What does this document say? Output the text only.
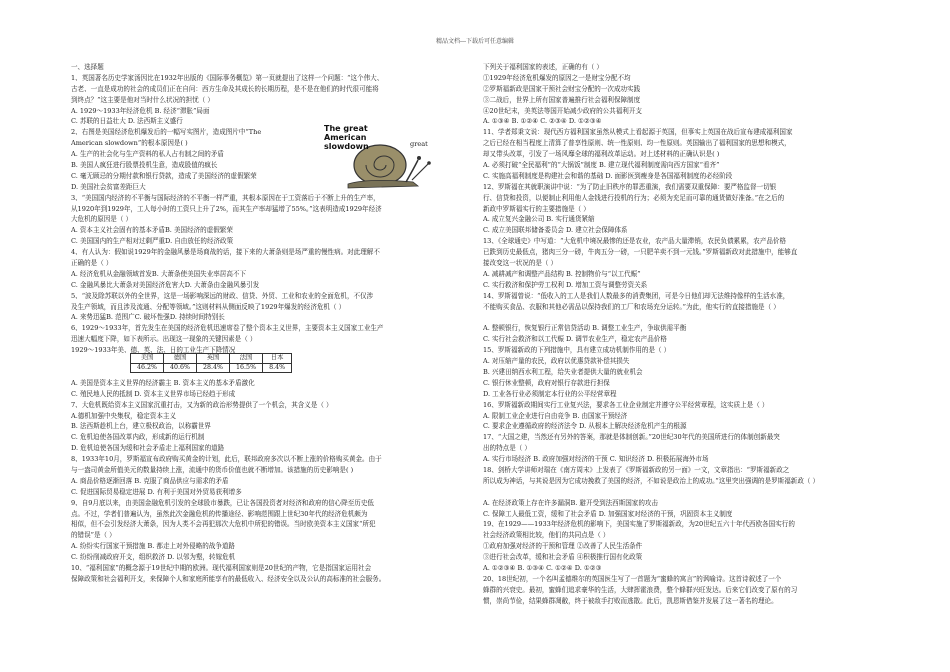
精品文档---下载后可任意编辑
一、选择题
1、英国著名历史学家汤因比在1932年出版的《国际事务概览》第一页就提出了这样一个问题：“这个伟大、
古老、一直是成功的社会的成员们正在自问：西方生命及其成长的长期历程，是不是在他们的时代很可能将
到终点？”这主要是他对当时什么状况的担忧（ ）
A. 1929～1933年经济危机 B. 经济“滞胀”局面
C. 苏联的日益壮大 D. 法西斯主义盛行
2、右图是美国经济危机爆发后的一幅写实图片，造成图片中“The
American slowdown”的根本原因是( )
A. 生产的社会化与生产资料的私人占有制之间的矛盾
B. 美国人疯狂进行股票投机生意，造成股值的疯长
C. 毫无顾忌的分期付款和银行贷款，造成了美国经济的虚假繁荣
D. 美国社会贫富差距巨大
3、“美国国内经济的不平衡与国际经济的不平衡一样严重，其根本原因在于工资落后于不断上升的生产率，
从1920年到1929年，工人每小时的工资只上升了2%，而其生产率却猛增了55%。”这表明造成1929年经济
大危机的原因是（ ）
A. 资本主义社会固有的基本矛盾B. 美国经济的虚假繁荣
C. 美国国内的生产相对过剩严重D. 自由放任的经济政策
4、有人认为：假如说1929年的金融风暴是场商战的话，接下来的大萧条则是场严重的慢性病。对此理解不
正确的是（ ）
A. 经济危机从金融领域首发B. 大萧条使美国失业率居高不下
C. 金融风暴比大萧条对美国经济危害大D. 大萧条由金融风暴引发
5、“波及除苏联以外的全世界，这是一场影响深远的财政、信贷、外贸、工业和农业的全面危机，不仅涉
及生产领域，而且涉及流通、分配等领域。”这则材料从侧面反映了1929年爆发的经济危机（ ）
A. 来势迅猛B. 范围广C. 破坏性强D. 持续时间特别长
6、1929～1933年，首先发生在美国的经济危机迅速席卷了整个资本主义世界，主要资本主义国家工业生产
迅速大幅度下降，如下表所示。出现这一现象的关键因素是（ ）
1929～1933年美、德、英、法、日的工业生产下降情况
A. 美国是资本主义世界的经济霸主 B. 资本主义的基本矛盾激化
C. 殖民地人民的抵制 D. 资本主义世界市场已经趋于形成
7、大危机既给资本主义国家沉重打击，又为新的政治形势提供了一个机会，其含义是（ ）
A.德机加强中央集权，稳定资本主义
B. 法西斯趁机上台，建立极权政治，以称霸世界
C. 危机迫使各国改革内政，形成新的运行机制
D. 危机迫使各国为缓和社会矛盾走上福利国家的道路
8、1933年10月，罗斯福宣布政府购买黄金的计划，此后，联邦政府多次以不断上涨的价格购买黄金。由于
与一盎司黄金所值美元的数量持续上涨，流通中的货币价值也就不断增加。该措施的历史影响是( )
A. 商品价格逐渐回落 B. 克服了商品供应与需求的矛盾
C. 促进国际贸易稳定进展 D. 有利于美国对外贸易获利增多
9、自9月底以来，由美国金融危机引发的全球股市暴跌，已让各国投资者对经济和政府的信心降至历史低
点。不过，学者们普遍认为，虽然此次金融危机的传播途径、影响范围跟上世纪30年代的经济危机颇为
相似，但不会引发经济大萧条，因为人类不会再犯那次大危机中所犯的错误。当时欧美资本主义国家“所犯
的错误”是（ ）
A. 纷纷实行国家干预措施 B. 都走上对外侵略的战争道路
C. 纷纷削减政府开支，组织救济 D. 以邻为壑，转嫁危机
10、“福利国家”的概念源于19世纪中期的欧洲。现代福利国家则是20世纪的产物，它是指国家运用社会
保障政策和社会福利开支，来保障个人和家庭所能享有的最低收入、经济安全以及公认的高标准的社会服务。
下列关于福利国家的表述，正确的有（ ）
①1929年经济危机爆发的原因之一是财宝分配不均
②罗斯福新政是国家干预社会财宝分配的一次成功实践
③二战后，世界上所有国家普遍推行社会福利保障制度
④20世纪末，美英法等国开始减少政府的公共福利开支
A. ①③④ B. ①②④ C. ②③④ D. ①②③④
11、学者郑秉文说：现代西方福利国家虽然从模式上看起源于英国，但事实上英国在战后宣布建成福利国家
之后已经在相当程度上清算了普享性原则、统一性原则、均一性原则。英国输出了福利国家的思想和模式，
却又带头改革，引发了一场风靡全球的福利改革运动。对上述材料的正确认识是( )
A. 必须打破“全民福利”的“大锅饭”制度 B. 建立现代福利制度需向西方国家“看齐”
C. 实施高福利制度是构建社会和谐的基础 D. 面影医到瘦身是各国福利制度的必经阶段
12、罗斯福在其就职演讲中说：“为了防止旧秩序的罪恶重演，我们需要双重保障：要严格监督一切银
行、信贷和投资，以便制止利用他人金钱进行投机的行为；必须为充足而可靠的通货做好准备。”在之后的
新政中罗斯福实行的主要措施是（ ）
A. 成立复兴金融公司 B. 实行通货紧缩
C. 成立美国联邦储备委员会 D. 建立社会保障体系
13、《全球通史》中写道：“大危机中境况最惨的还是农业，农产品大量滞销，农民负债累累，农产品价格
已跌到历史最低点，猪肉三分一磅，牛肉五分一磅，一只肥羊卖不到一元钱。”罗斯福新政对此措施中，能够直
接改变这一状况的是（ ）
A. 减耕减产和调整产品结构 B. 控制物价与“以工代赈”
C. 实行救济和保护劳工权利 D. 增加工资与调整劳资关系
14、罗斯福曾说：“低收入的工人是我们人数最多的消费集团，可是今日他们却无法维持像样的生活水准，
不能购买食品、衣服和其他必需品以保持我们的工厂和农场充分运转。”为此，他实行的直接措施是（ ）
A. 整顿银行，恢复银行正常信贷活动 B. 调整工业生产，争取供需平衡
C. 实行社会救济和以工代赈 D. 调节农业生产，稳定农产品价格
15、罗斯福新政的下列措施中，具有建立成功机制作用的是（ ）
A. 对压缩产量的农民，政府以优惠贷款补偿其损失
B. 兴建田纳西水利工程，给失业者提供大量的就业机会
C. 银行休业整顿，政府对银行存款进行担保
D. 工业各行业必须制定本行业的公平经营章程
16、罗斯福新政期间实行工业复兴法，要求各工业企业制定并遵守公平经营章程，这实质上是（ ）
A. 限制工业企业进行自由竞争 B. 由国家干预经济
C. 要求企业遵循政府的经济法令 D. 从根本上解决经济危机产生的根源
17、“大国之建，当然还有另外的答案，那就是体制创新。”20世纪30年代的美国所进行的体制创新最突
出的特点是（ ）
A. 实行市场经济 B. 政府加强对经济的干预 C. 知识经济 D. 积极拓展海外市场
18、剑桥大学讲师对瑞在《南方周末》上发表了《罗斯福新政的另一面》一文，文章指出：“罗斯福新政之
所以成为神话，与其说是因为它成功挽救了美国的经济，不如说是政治上的成功。”这里突出强调的是罗斯福新政（ ）
A. 在经济政策上存在许多漏洞B. 避开受到法西斯国家的攻击
C. 保障工人最低工资，缓和了社会矛盾 D. 加强国家对经济的干预，巩固资本主义制度
19、在1929——1933年经济危机的影响下，美国实施了罗斯福新政，为20世纪五六十年代西欧各国实行的
社会经济政策相比较，他们的共同点是（ ）
①政府加强对经济的干预和管理 ②改善了人民生活条件
③进行社会改革，缓和社会矛盾 ④积极推行国有化政策
A. ①②③④ B. ①③④ C. ①②④ D. ①②③
20、18世纪初，一个名叫孟德维尔的英国医生写了一首题为“蜜蜂的寓言”的讽喻诗。这首诗叙述了一个
蜂群的兴衰史。最初，蜜蜂们追求豪华的生活，大肆挥霍浪费，整个蜂群兴旺发达。后来它们改变了原有的习
惯，崇尚节俭，结果蜂群凋敝，终于被敌手打败而逃散。此后，凯恩斯借鉴并发展了这一著名的理论。
The great American slowdown	great
美国	德国	英国	法国	日本
46.2%	40.6%	28.4%	16.5%	8.4%
